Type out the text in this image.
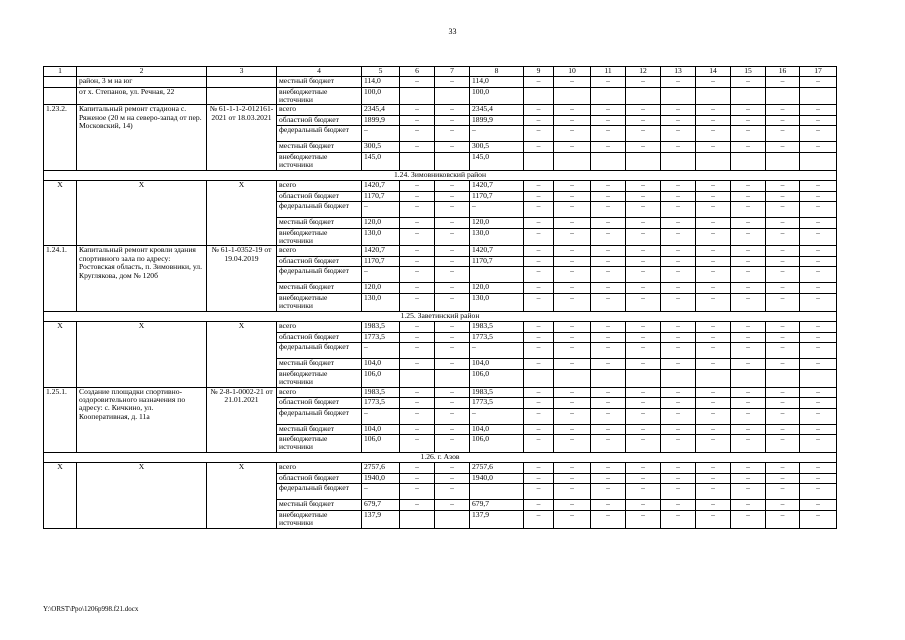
33
1	2	3	4	5	6	7	8	9	10	11	12	13	14	15	16	17
	район, 3 м на юг		местный бюджет	114,0	–	–	114,0	–	–	–	–	–	–	–	–	–
	от х. Степанов, ул. Речная, 22		внебюджетные источники	100,0			100,0									
1.23.2.	Капитальный ремонт стадиона с. Ряженое (20 м на северо-запад от пер. Московский, 14)	№ 61-1-1-2-012161-2021 от 18.03.2021	всего	2345,4	–	–	2345,4	–	–	–	–	–	–	–	–	–
			областной бюджет	1899,9	–	–	1899,9	–	–	–	–	–	–	–	–	–
			федеральный бюджет	–	–	–	–	–	–	–	–	–	–	–	–	–
			местный бюджет	300,5	–	–	300,5	–	–	–	–	–	–	–	–	–
			внебюджетные источники	145,0			145,0									
1.24. Зимовниковский район																
Х	Х	Х	всего	1420,7	–	–	1420,7	–	–	–	–	–	–	–	–	–
			областной бюджет	1170,7	–	–	1170,7	–	–	–	–	–	–	–	–	–
			федеральный бюджет	–	–	–	–	–	–	–	–	–	–	–	–	–
			местный бюджет	120,0	–	–	120,0	–	–	–	–	–	–	–	–	–
			внебюджетные источники	130,0	–	–	130,0	–	–	–	–	–	–	–	–	–
1.24.1.	Капитальный ремонт кровли здания спортивного зала по адресу: Ростовская область, п. Зимовники, ул. Круглякова, дом № 120б	№ 61-1-0352-19 от 19.04.2019	всего	1420,7	–	–	1420,7	–	–	–	–	–	–	–	–	–
			областной бюджет	1170,7	–	–	1170,7	–	–	–	–	–	–	–	–	–
			федеральный бюджет	–	–	–		–	–	–	–	–	–	–	–	–
			местный бюджет	120,0	–	–	120,0	–	–	–	–	–	–	–	–	–
			внебюджетные источники	130,0	–	–	130,0	–	–	–	–	–	–	–	–	–
1.25. Заветинский район																
Х	Х	Х	всего	1983,5	–	–	1983,5	–	–	–	–	–	–	–	–	–
			областной бюджет	1773,5	–	–	1773,5	–	–	–	–	–	–	–	–	–
			федеральный бюджет	–	–	–	–	–	–	–	–	–	–	–	–	–
			местный бюджет	104,0	–	–	104,0	–	–	–	–	–	–	–	–	–
			внебюджетные источники	106,0			106,0									
1.25.1.	Создание площадки спортивно-оздоровительного назначения по адресу: с. Кичкино, ул. Кооперативная, д. 11а	№ 2-8-1-0002-21 от 21.01.2021	всего	1983,5	–	–	1983,5	–	–	–	–	–	–	–	–	–
			областной бюджет	1773,5	–	–	1773,5	–	–	–	–	–	–	–	–	–
			федеральный бюджет	–	–	–	–	–	–	–	–	–	–	–	–	–
			местный бюджет	104,0	–	–	104,0	–	–	–	–	–	–	–	–	–
			внебюджетные источники	106,0	–	–	106,0	–	–	–	–	–	–	–	–	–
1.26. г. Азов																
Х	Х	Х	всего	2757,6	–	–	2757,6	–	–	–	–	–	–	–	–	–
			областной бюджет	1940,0	–	–	1940,0	–	–	–	–	–	–	–	–	–
			федеральный бюджет	–	–	–		–	–	–	–	–	–	–	–	–
			местный бюджет	679,7	–	–	679,7	–	–	–	–	–	–	–	–	–
			внебюджетные источники	137,9			137,9	–	–	–	–	–	–	–	–	–
Y:\ORST\Ppo\1206p998.f21.docx
